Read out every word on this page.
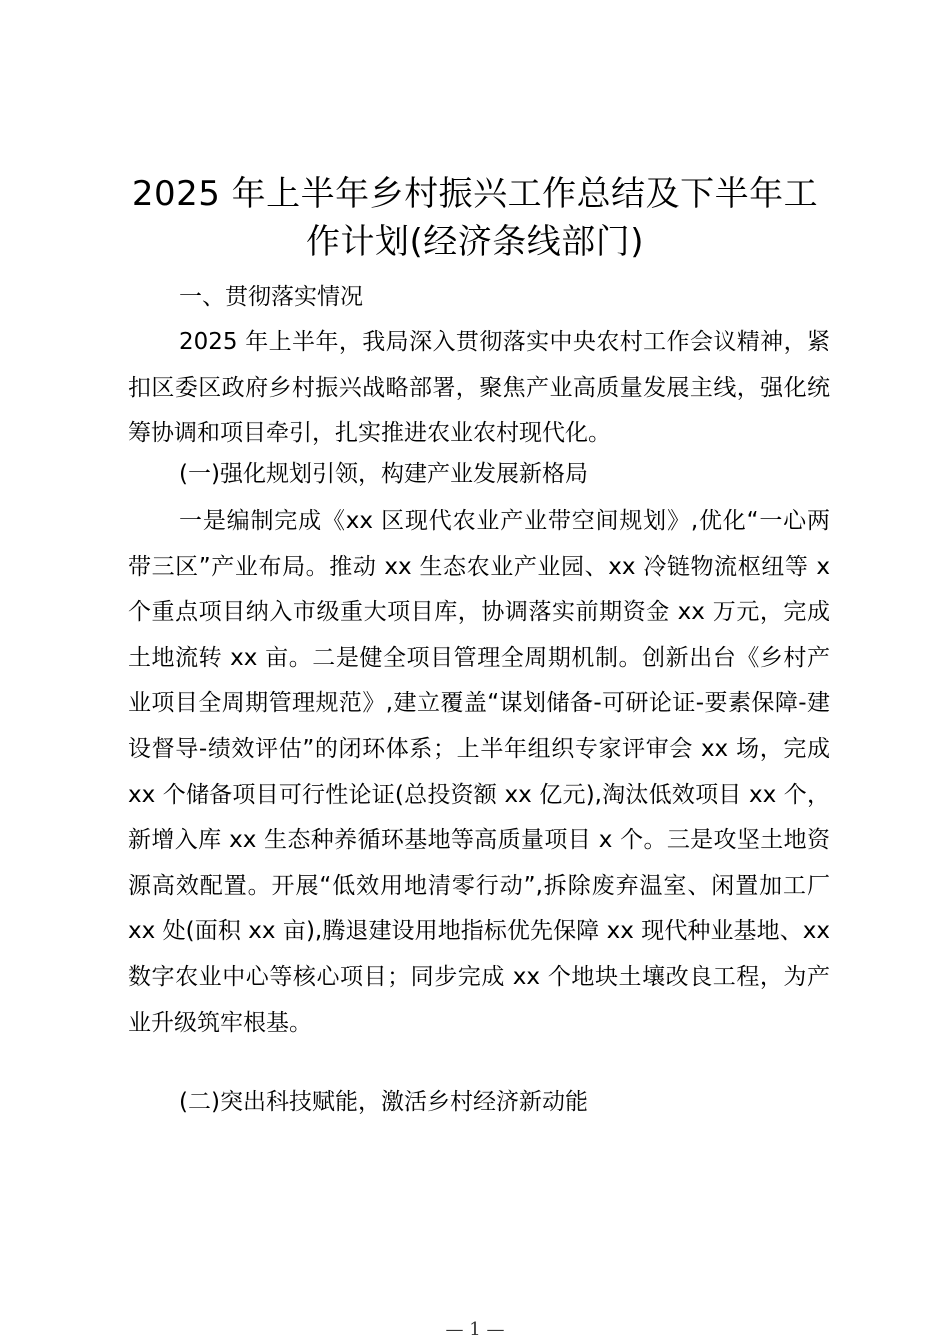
2025 年上半年乡村振兴工作总结及下半年工
作计划(经济条线部门)
一、贯彻落实情况
2025 年上半年，我局深入贯彻落实中央农村工作会议精神，紧扣区委区政府乡村振兴战略部署，聚焦产业高质量发展主线，强化统筹协调和项目牵引，扎实推进农业农村现代化。
(一)强化规划引领，构建产业发展新格局
一是编制完成《xx 区现代农业产业带空间规划》,优化“一心两带三区”产业布局。推动 xx 生态农业产业园、xx 冷链物流枢纽等 x 个重点项目纳入市级重大项目库，协调落实前期资金 xx 万元，完成土地流转 xx 亩。二是健全项目管理全周期机制。创新出台《乡村产业项目全周期管理规范》,建立覆盖“谋划储备-可研论证-要素保障-建设督导-绩效评估”的闭环体系；上半年组织专家评审会 xx 场，完成 xx 个储备项目可行性论证(总投资额 xx 亿元),淘汰低效项目 xx 个，新增入库 xx 生态种养循环基地等高质量项目 x 个。三是攻坚土地资源高效配置。开展“低效用地清零行动”,拆除废弃温室、闲置加工厂 xx 处(面积 xx 亩),腾退建设用地指标优先保障 xx 现代种业基地、xx 数字农业中心等核心项目；同步完成 xx 个地块土壤改良工程，为产业升级筑牢根基。
(二)突出科技赋能，激活乡村经济新动能
— 1 —
